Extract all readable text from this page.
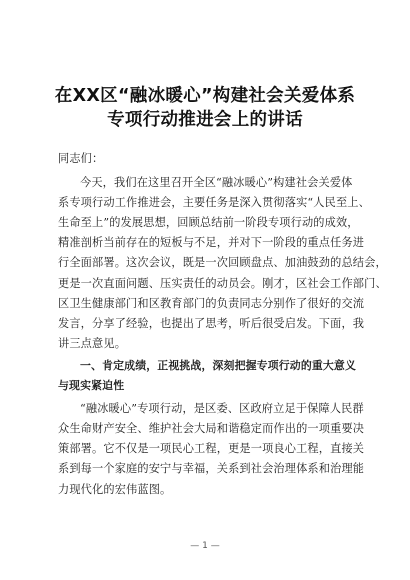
在XX区“融冰暖心”构建社会关爱体系
专项行动推进会上的讲话
同志们：
今天，我们在这里召开全区“融冰暖心”构建社会关爱体
系专项行动工作推进会，主要任务是深入贯彻落实“人民至上、
生命至上”的发展思想，回顾总结前一阶段专项行动的成效，
精准剖析当前存在的短板与不足，并对下一阶段的重点任务进
行全面部署。这次会议，既是一次回顾盘点、加油鼓劲的总结会，
更是一次直面问题、压实责任的动员会。刚才，区社会工作部门、
区卫生健康部门和区教育部门的负责同志分别作了很好的交流
发言，分享了经验，也提出了思考，听后很受启发。下面，我
讲三点意见。
一、肯定成绩，正视挑战，深刻把握专项行动的重大意义
与现实紧迫性
“融冰暖心”专项行动，是区委、区政府立足于保障人民群
众生命财产安全、维护社会大局和谐稳定而作出的一项重要决
策部署。它不仅是一项民心工程，更是一项良心工程，直接关
系到每一个家庭的安宁与幸福，关系到社会治理体系和治理能
力现代化的宏伟蓝图。
— 1 —
